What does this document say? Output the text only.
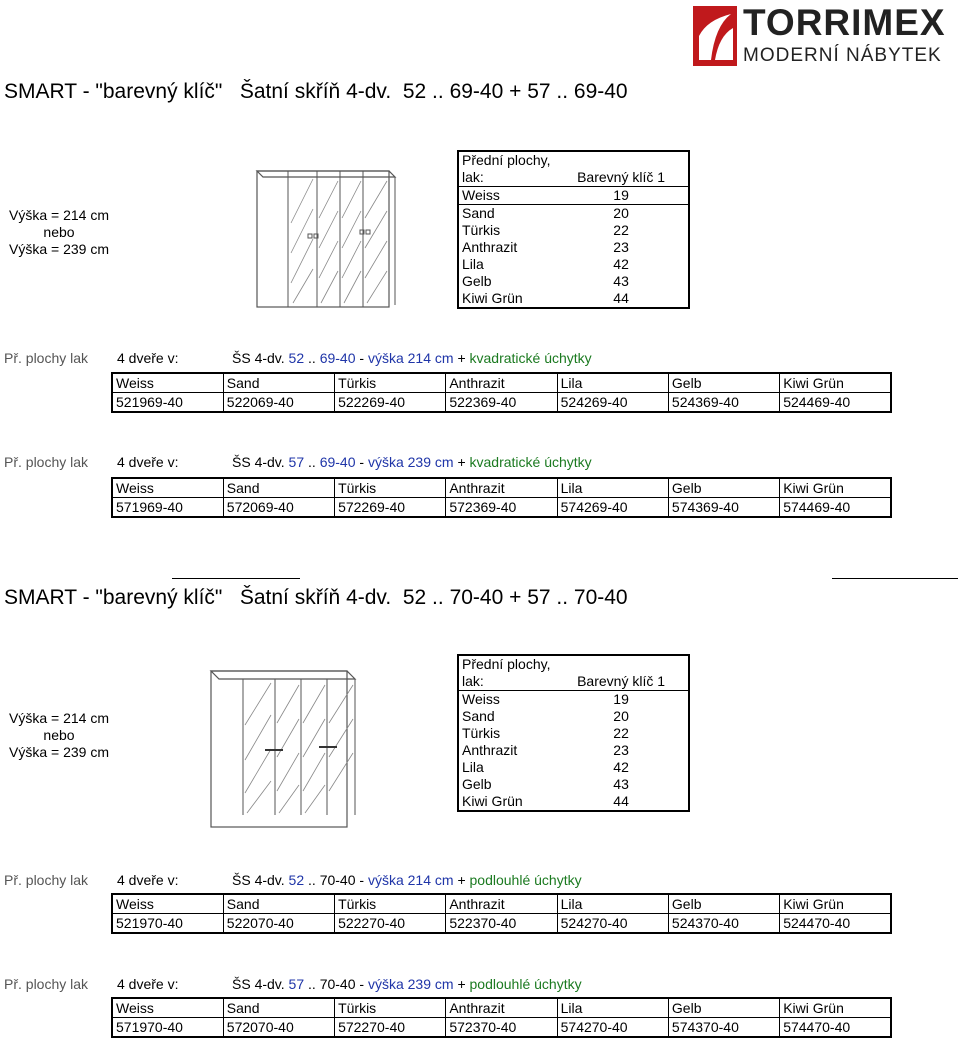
TORRIMEX
MODERNÍ NÁBYTEK
SMART - "barevný klíč"   Šatní skříň 4-dv.  52 .. 69-40 + 57 .. 69-40
Výška = 214 cm
nebo
Výška = 239 cm
Přední plochy,	
lak:	Barevný klíč 1
Weiss	19
Sand	20
Türkis	22
Anthrazit	23
Lila	42
Gelb	43
Kiwi Grün	44
Př. plochy lak 4 dveře v:	ŠS 4-dv. 52 .. 69-40 - výška 214 cm + kvadratické úchytky
Weiss	Sand	Türkis	Anthrazit	Lila	Gelb	Kiwi Grün
521969-40	522069-40	522269-40	522369-40	524269-40	524369-40	524469-40
Př. plochy lak 4 dveře v:	ŠS 4-dv. 57 .. 69-40 - výška 239 cm + kvadratické úchytky
Weiss	Sand	Türkis	Anthrazit	Lila	Gelb	Kiwi Grün
571969-40	572069-40	572269-40	572369-40	574269-40	574369-40	574469-40
SMART - "barevný klíč"   Šatní skříň 4-dv.  52 .. 70-40 + 57 .. 70-40
Výška = 214 cm
nebo
Výška = 239 cm
Přední plochy,	
lak:	Barevný klíč 1
Weiss	19
Sand	20
Türkis	22
Anthrazit	23
Lila	42
Gelb	43
Kiwi Grün	44
Př. plochy lak 4 dveře v:	ŠS 4-dv. 52 .. 70-40 - výška 214 cm + podlouhlé úchytky
Weiss	Sand	Türkis	Anthrazit	Lila	Gelb	Kiwi Grün
521970-40	522070-40	522270-40	522370-40	524270-40	524370-40	524470-40
Př. plochy lak 4 dveře v:	ŠS 4-dv. 57 .. 70-40 - výška 239 cm + podlouhlé úchytky
Weiss	Sand	Türkis	Anthrazit	Lila	Gelb	Kiwi Grün
571970-40	572070-40	572270-40	572370-40	574270-40	574370-40	574470-40
